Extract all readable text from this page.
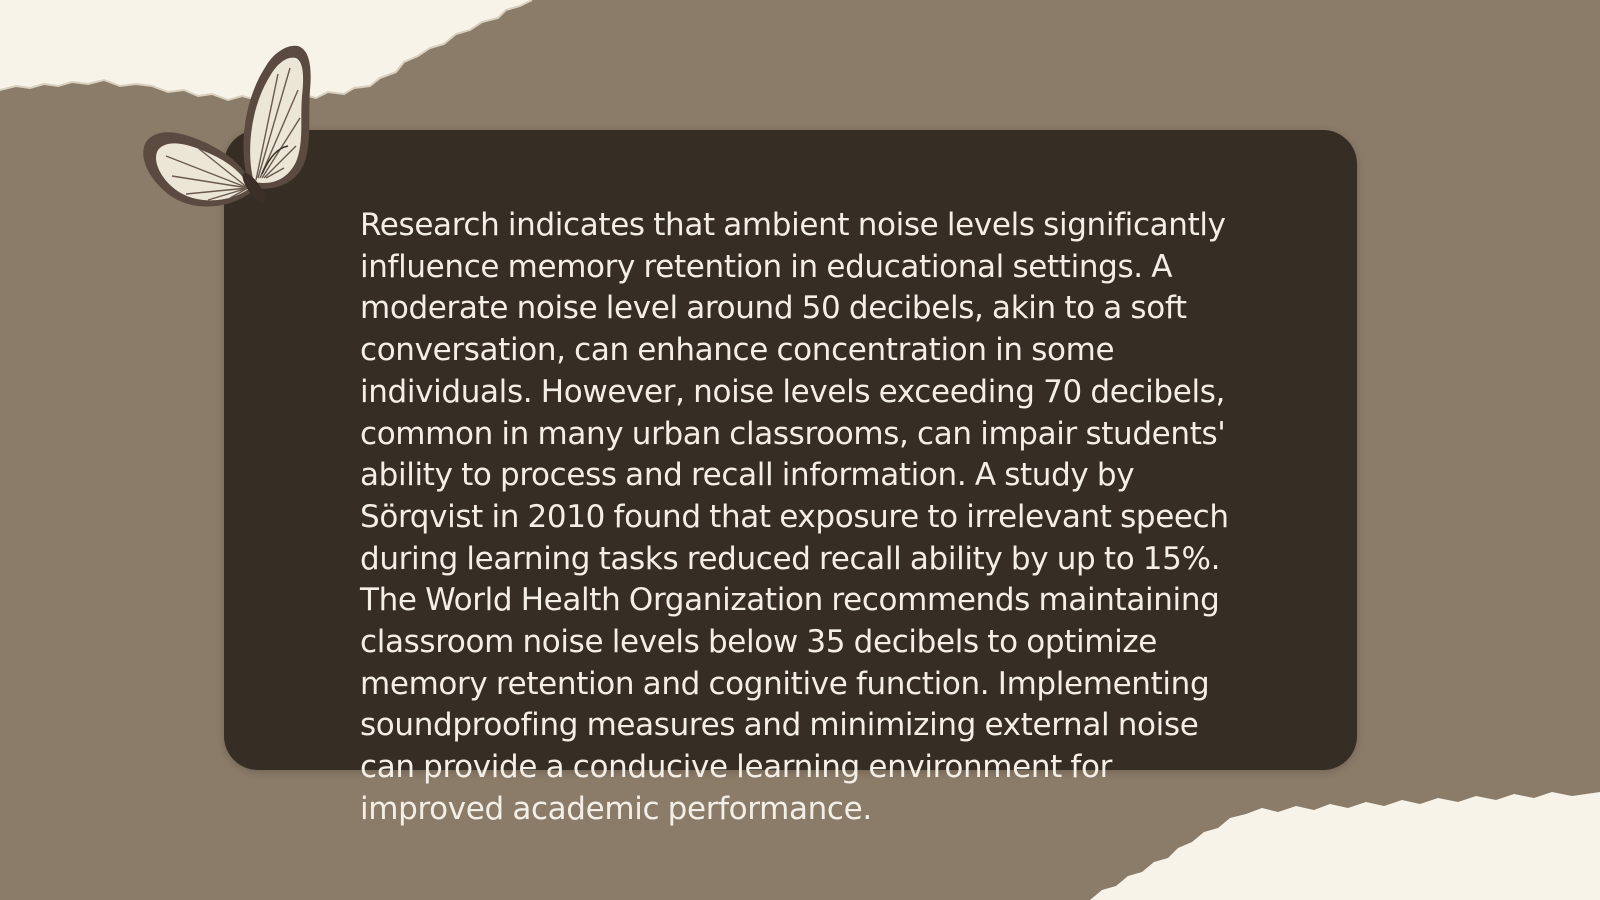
Research indicates that ambient noise levels significantly influence memory retention in educational settings. A moderate noise level around 50 decibels, akin to a soft conversation, can enhance concentration in some individuals. However, noise levels exceeding 70 decibels, common in many urban classrooms, can impair students' ability to process and recall information. A study by Sörqvist in 2010 found that exposure to irrelevant speech during learning tasks reduced recall ability by up to 15%. The World Health Organization recommends maintaining classroom noise levels below 35 decibels to optimize memory retention and cognitive function. Implementing soundproofing measures and minimizing external noise can provide a conducive learning environment for improved academic performance.
